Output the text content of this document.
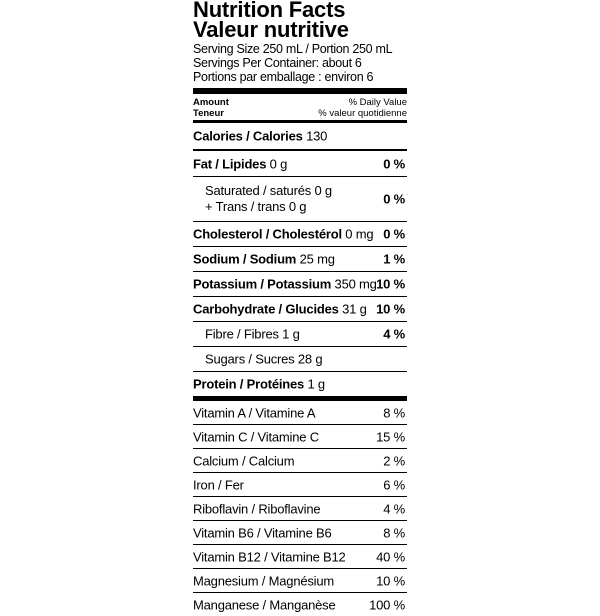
Nutrition Facts
Valeur nutritive
Serving Size 250 mL / Portion 250 mL
Servings Per Container: about 6
Portions par emballage : environ 6
Amount
Teneur
% Daily Value
% valeur quotidienne
Calories / Calories 130
Fat / Lipides 0 g	0 %
Saturated / saturés 0 g
+ Trans / trans 0 g	0 %
Cholesterol / Cholestérol 0 mg 0 %
Sodium / Sodium 25 mg	1 %
Potassium / Potassium 350 mg 10 %
Carbohydrate / Glucides 31 g 10 %
Fibre / Fibres 1 g	4 %
Sugars / Sucres 28 g
Protein / Protéines 1 g
Vitamin A / Vitamine A	8 %
Vitamin C / Vitamine C	15 %
Calcium / Calcium	2 %
Iron / Fer	6 %
Riboflavin / Riboflavine	4 %
Vitamin B6 / Vitamine B6	8 %
Vitamin B12 / Vitamine B12 40 %
Magnesium / Magnésium	10 %
Manganese / Manganèse	100 %
